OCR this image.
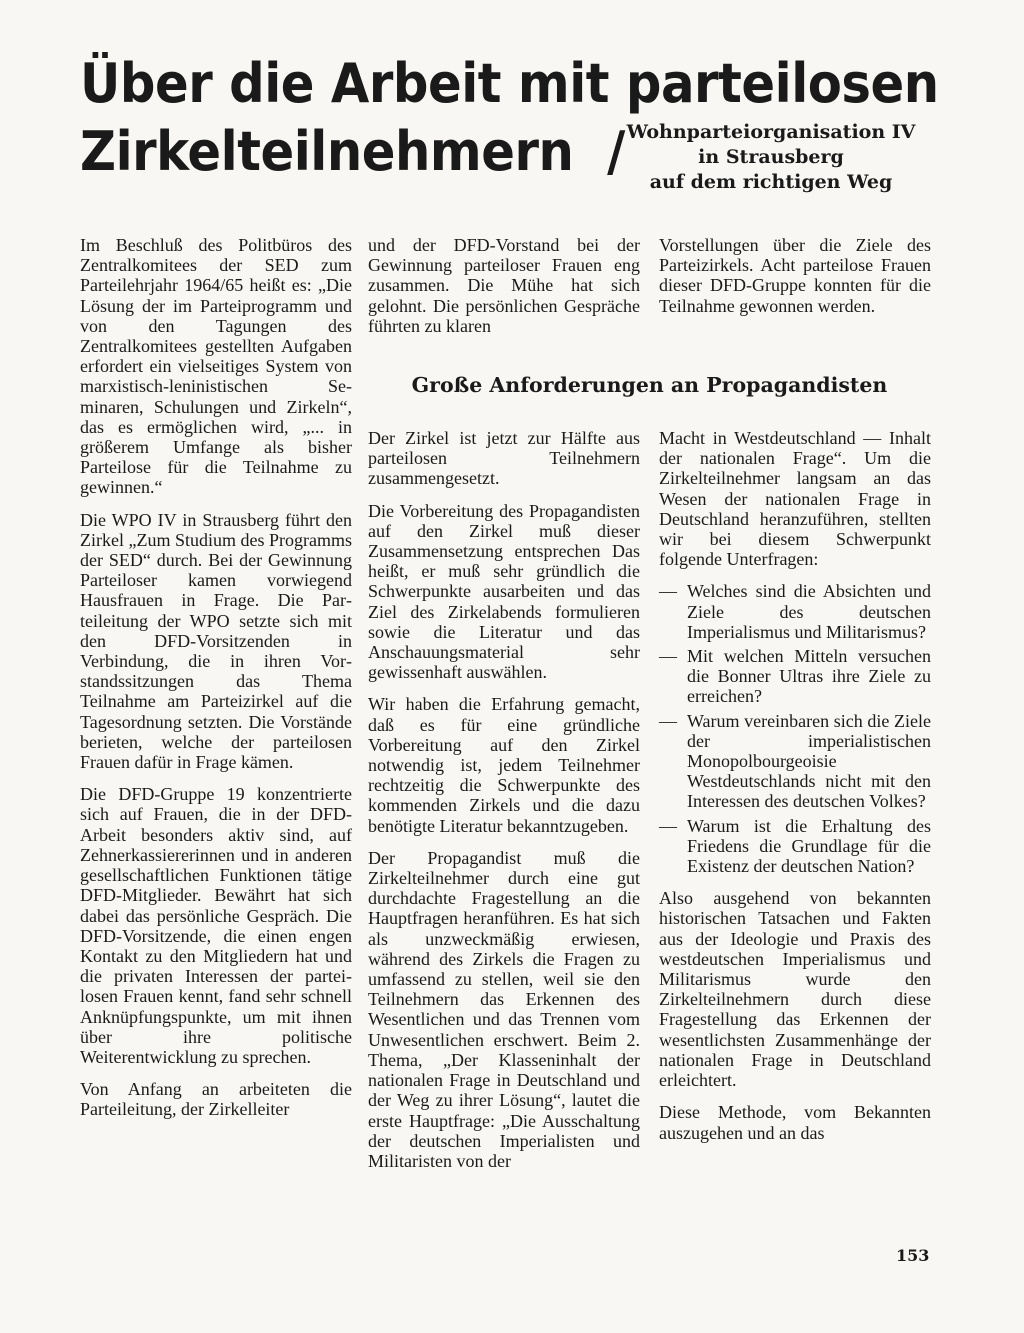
Über die Arbeit mit parteilosen
Zirkelteilnehmern / Wohnparteiorganisation IV
in Strausberg
auf dem richtigen Weg

Im Beschluß des Politbüros des Zentralkomitees der SED zum Parteilehrjahr 1964/65 heißt es: „Die Lösung der im Parteiprogramm und von den Tagungen des Zentralkomitees gestellten Aufgaben erfordert ein vielseitiges System von marxistisch-leninistischen Seminaren, Schulungen und Zirkeln“, das es ermöglichen wird, „... in größerem Umfange als bisher Parteilose für die Teilnahme zu gewinnen.“

Die WPO IV in Strausberg führt den Zirkel „Zum Studium des Programms der SED“ durch. Bei der Gewinnung Parteiloser kamen vorwiegend Hausfrauen in Frage. Die Parteileitung der WPO setzte sich mit den DFD-Vorsitzenden in Verbindung, die in ihren Vorstandssitzungen das Thema Teilnahme am Parteizirkel auf die Tagesordnung setzten. Die Vorstände berieten, welche der parteilosen Frauen dafür in Frage kämen.

Die DFD-Gruppe 19 konzentrierte sich auf Frauen, die in der DFD-Arbeit besonders aktiv sind, auf Zehnerkassiererinnen und in anderen gesellschaftlichen Funktionen tätige DFD-Mitglieder. Bewährt hat sich dabei das persönliche Gespräch. Die DFD-Vorsitzende, die einen engen Kontakt zu den Mitgliedern hat und die privaten Interessen der parteilosen Frauen kennt, fand sehr schnell Anknüpfungspunkte, um mit ihnen über ihre politische Weiterentwicklung zu sprechen.

Von Anfang an arbeiteten die Parteileitung, der Zirkelleiter

und der DFD-Vorstand bei der Gewinnung parteiloser Frauen eng zusammen. Die Mühe hat sich gelohnt. Die persönlichen Gespräche führten zu klaren

Vorstellungen über die Ziele des Parteizirkels. Acht parteilose Frauen dieser DFD-Gruppe konnten für die Teilnahme gewonnen werden.

Große Anforderungen an Propagandisten

Der Zirkel ist jetzt zur Hälfte aus parteilosen Teilnehmern zusammengesetzt.

Die Vorbereitung des Propagandisten auf den Zirkel muß dieser Zusammensetzung entsprechen Das heißt, er muß sehr gründlich die Schwerpunkte ausarbeiten und das Ziel des Zirkelabends formulieren sowie die Literatur und das Anschauungsmaterial sehr gewissenhaft auswählen.

Wir haben die Erfahrung gemacht, daß es für eine gründliche Vorbereitung auf den Zirkel notwendig ist, jedem Teilnehmer rechtzeitig die Schwerpunkte des kommenden Zirkels und die dazu benötigte Literatur bekanntzugeben.

Der Propagandist muß die Zirkelteilnehmer durch eine gut durchdachte Fragestellung an die Hauptfragen heranführen. Es hat sich als unzweckmäßig erwiesen, während des Zirkels die Fragen zu umfassend zu stellen, weil sie den Teilnehmern das Erkennen des Wesentlichen und das Trennen vom Unwesentlichen erschwert. Beim 2. Thema, „Der Klasseninhalt der nationalen Frage in Deutschland und der Weg zu ihrer Lösung“, lautet die erste Hauptfrage: „Die Ausschaltung der deutschen Imperialisten und Militaristen von der

Macht in Westdeutschland — Inhalt der nationalen Frage“. Um die Zirkelteilnehmer langsam an das Wesen der nationalen Frage in Deutschland heranzuführen, stellten wir bei diesem Schwerpunkt folgende Unterfragen:

— Welches sind die Absichten und Ziele des deutschen Imperialismus und Militarismus?
— Mit welchen Mitteln versuchen die Bonner Ultras ihre Ziele zu erreichen?
— Warum vereinbaren sich die Ziele der imperialistischen Monopolbourgeoisie Westdeutschlands nicht mit den Interessen des deutschen Volkes?
— Warum ist die Erhaltung des Friedens die Grundlage für die Existenz der deutschen Nation?

Also ausgehend von bekannten historischen Tatsachen und Fakten aus der Ideologie und Praxis des westdeutschen Imperialismus und Militarismus wurde den Zirkelteilnehmern durch diese Fragestellung das Erkennen der wesentlichsten Zusammenhänge der nationalen Frage in Deutschland erleichtert.

Diese Methode, vom Bekannten auszugehen und an das

153
